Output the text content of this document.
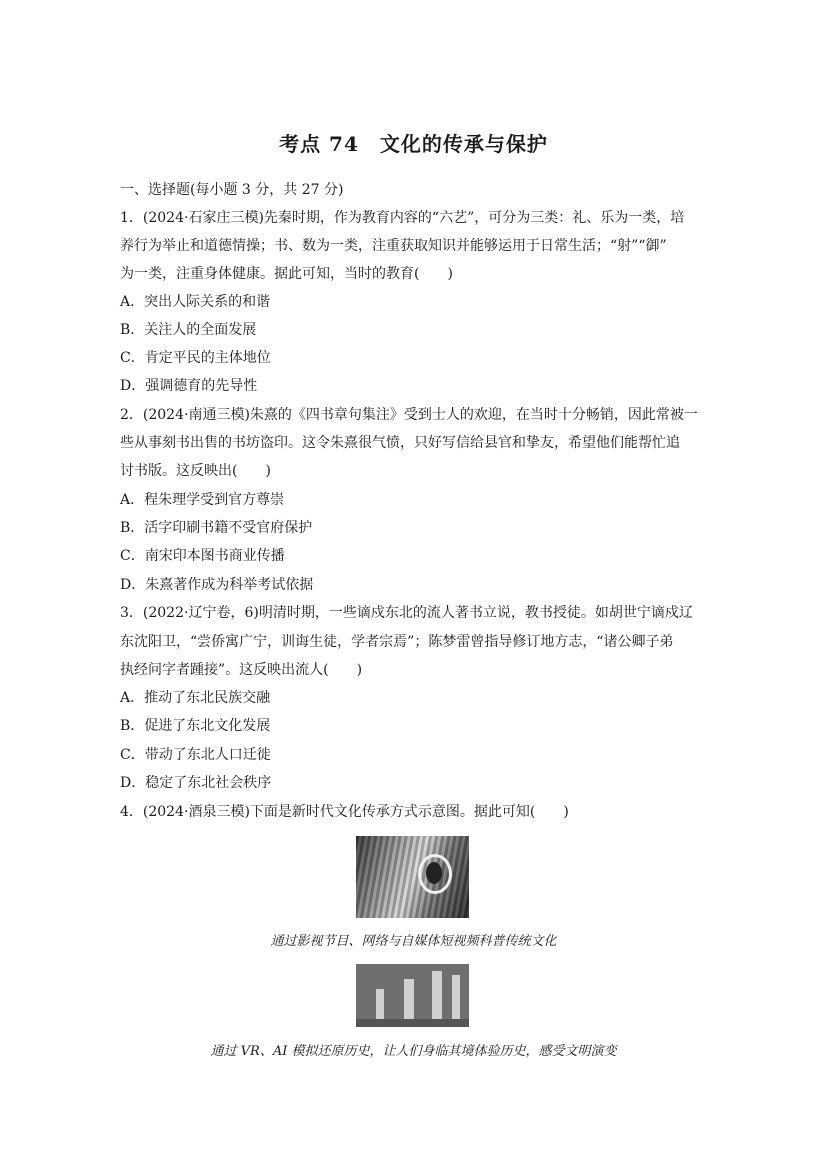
考点 74　文化的传承与保护
一、选择题(每小题 3 分，共 27 分)
1．(2024·石家庄三模)先秦时期，作为教育内容的“六艺”，可分为三类：礼、乐为一类，培
养行为举止和道德情操；书、数为一类，注重获取知识并能够运用于日常生活；“射”“御”
为一类，注重身体健康。据此可知，当时的教育(　　)
A．突出人际关系的和谐
B．关注人的全面发展
C．肯定平民的主体地位
D．强调德育的先导性
2．(2024·南通三模)朱熹的《四书章句集注》受到士人的欢迎，在当时十分畅销，因此常被一
些从事刻书出售的书坊盗印。这令朱熹很气愤，只好写信给县官和挚友，希望他们能帮忙追
讨书版。这反映出(　　)
A．程朱理学受到官方尊崇
B．活字印刷书籍不受官府保护
C．南宋印本图书商业传播
D．朱熹著作成为科举考试依据
3．(2022·辽宁卷，6)明清时期，一些谪戍东北的流人著书立说，教书授徒。如胡世宁谪戍辽
东沈阳卫，“尝侨寓广宁，训诲生徒，学者宗焉”；陈梦雷曾指导修订地方志，“诸公卿子弟
执经问字者踵接”。这反映出流人(　　)
A．推动了东北民族交融
B．促进了东北文化发展
C．带动了东北人口迁徙
D．稳定了东北社会秩序
4．(2024·酒泉三模)下面是新时代文化传承方式示意图。据此可知(　　)
通过影视节目、网络与自媒体短视频科普传统文化
通过 VR、AI 模拟还原历史，让人们身临其境体验历史，感受文明演变
